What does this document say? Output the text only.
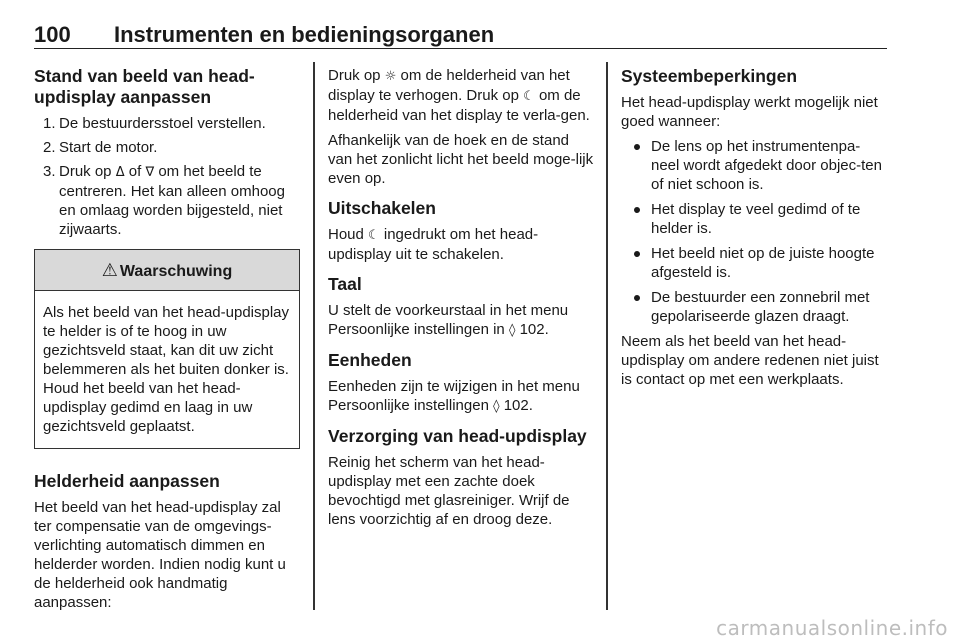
100 Instrumenten en bedieningsorganen
Stand van beeld van head-updisplay aanpassen
1. De bestuurdersstoel verstellen.
2. Start de motor.
3. Druk op Δ of ∇ om het beeld te centreren. Het kan alleen omhoog en omlaag worden bijgesteld, niet zijwaarts.
⚠ Waarschuwing
Als het beeld van het head-updisplay te helder is of te hoog in uw gezichtsveld staat, kan dit uw zicht belemmeren als het buiten donker is. Houd het beeld van het head-updisplay gedimd en laag in uw gezichtsveld geplaatst.
Helderheid aanpassen
Het beeld van het head-updisplay zal ter compensatie van de omgevings-verlichting automatisch dimmen en helderder worden. Indien nodig kunt u de helderheid ook handmatig aanpassen:
Druk op ☼ om de helderheid van het display te verhogen. Druk op ☾ om de helderheid van het display te verla-gen.
Afhankelijk van de hoek en de stand van het zonlicht licht het beeld moge-lijk even op.
Uitschakelen
Houd ☾ ingedrukt om het head-updisplay uit te schakelen.
Taal
U stelt de voorkeurstaal in het menu Persoonlijke instellingen in ◊ 102.
Eenheden
Eenheden zijn te wijzigen in het menu Persoonlijke instellingen ◊ 102.
Verzorging van head-updisplay
Reinig het scherm van het head-updisplay met een zachte doek bevochtigd met glasreiniger. Wrijf de lens voorzichtig af en droog deze.
Systeembeperkingen
Het head-updisplay werkt mogelijk niet goed wanneer:
De lens op het instrumentenpa-neel wordt afgedekt door objec-ten of niet schoon is.
Het display te veel gedimd of te helder is.
Het beeld niet op de juiste hoogte afgesteld is.
De bestuurder een zonnebril met gepolariseerde glazen draagt.
Neem als het beeld van het head-updisplay om andere redenen niet juist is contact op met een werkplaats.
carmanualsonline.info
